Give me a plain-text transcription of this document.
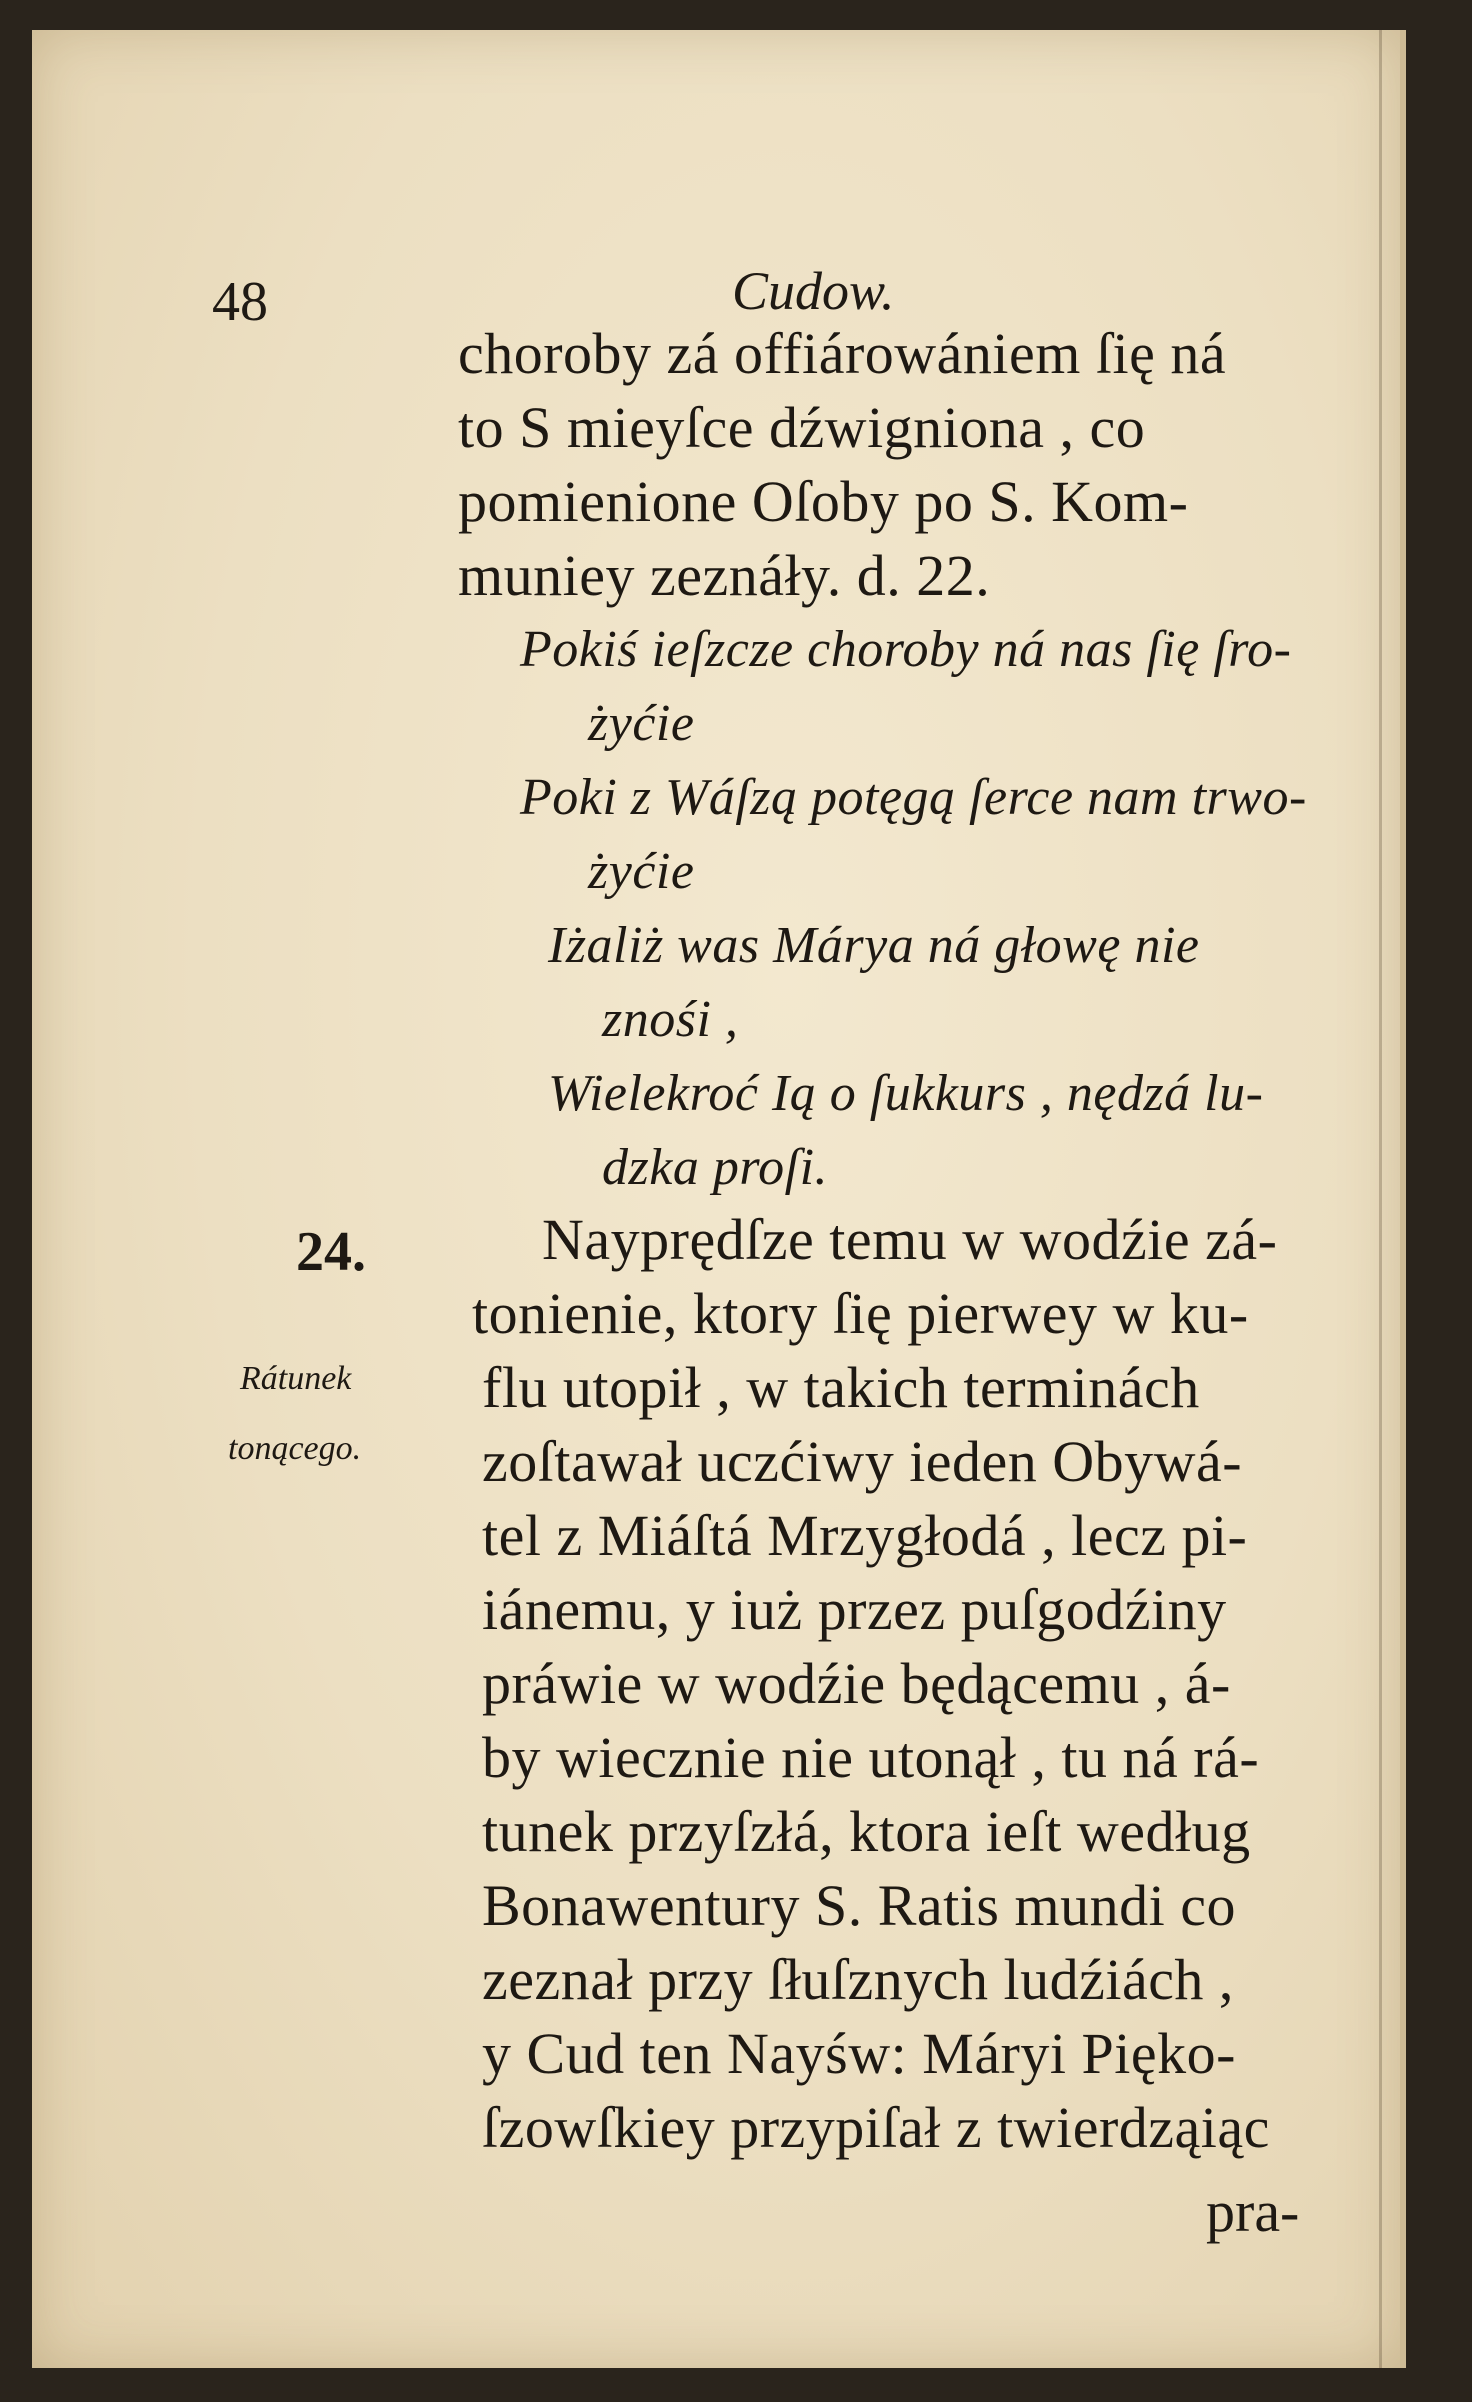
48	Cudow.
choroby zá offiárowániem ſię ná
to S mieyſce dźwigniona , co
pomienione Oſoby po S. Kom-
muniey zeznáły. d. 22.
Pokiś ieſzcze choroby ná nas ſię ſro-
żyćie
Poki z Wáſzą potęgą ſerce nam trwo-
żyćie
Iżaliż was Márya ná głowę nie
znośi ,
Wielekroć Ią o ſukkurs , nędzá lu-
dzka proſi.
24.
Rátunek
tonącego.
Nayprędſze temu w wodźie zá-
tonienie, ktory ſię pierwey w ku-
flu utopił , w takich terminách
zoſtawał uczćiwy ieden Obywá-
tel z Miáſtá Mrzygłodá , lecz pi-
iánemu, y iuż przez puſgodźiny
práwie w wodźie będącemu , á-
by wiecznie nie utonął , tu ná rá-
tunek przyſzłá, ktora ieſt według
Bonawentury S. Ratis mundi co
zeznał przy ſłuſznych ludźiách ,
y Cud ten Nayśw: Máryi Pięko-
ſzowſkiey przypiſał z twierdząiąc
pra-
